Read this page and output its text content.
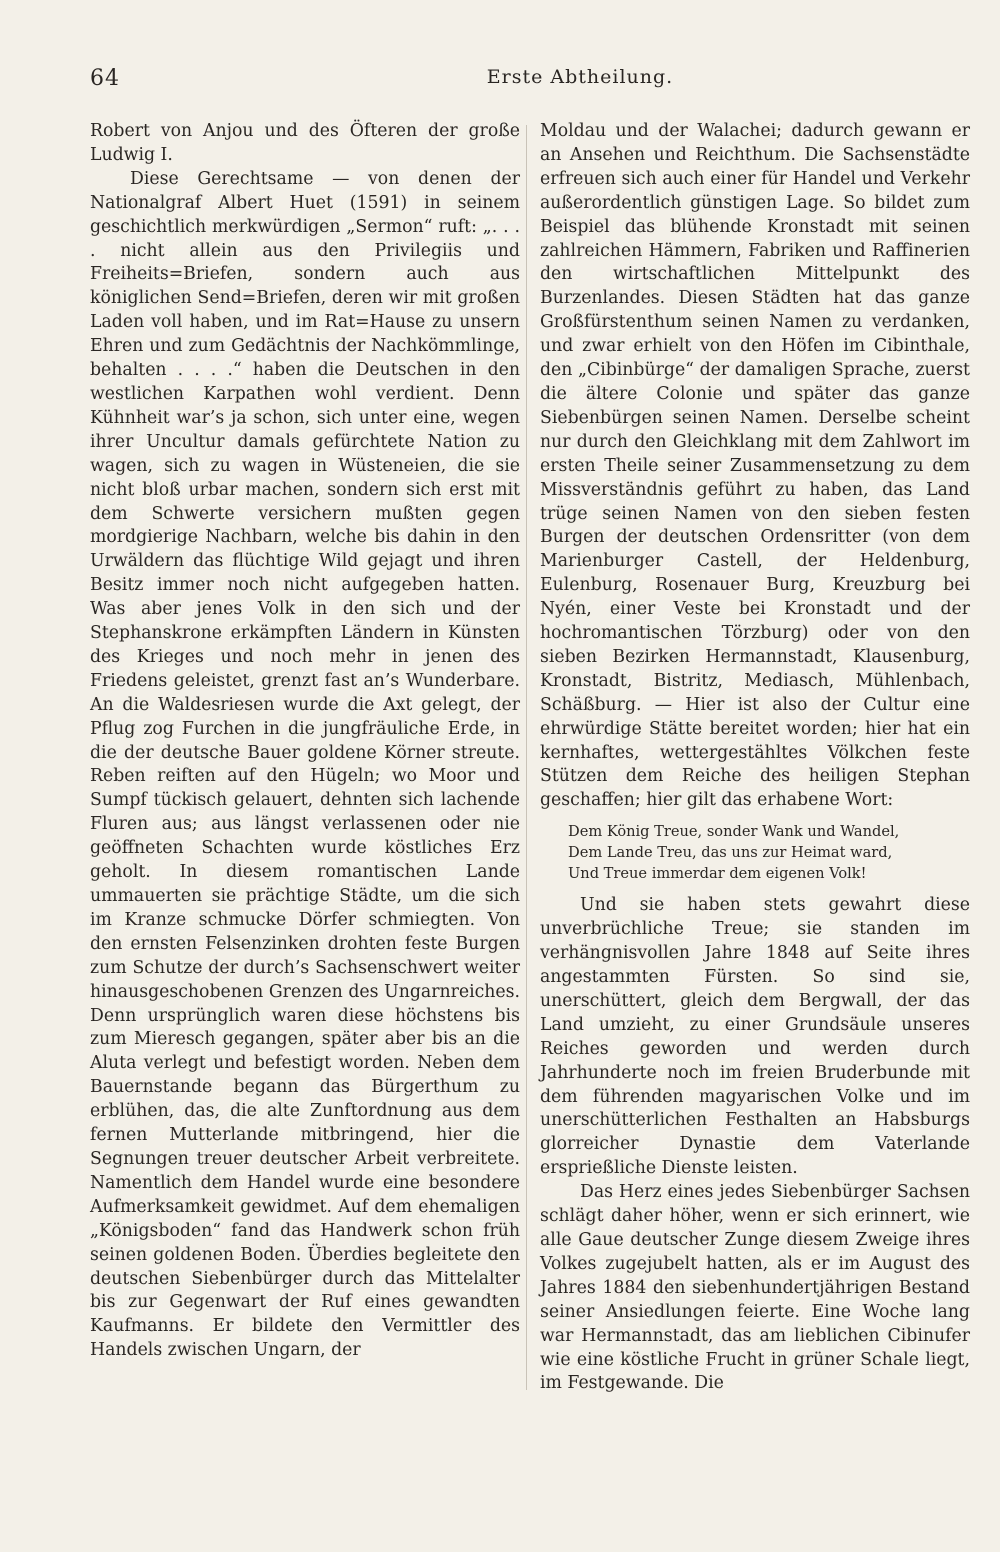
64	Erste Abtheilung.

Robert von Anjou und des Öfteren der große Ludwig I.

Diese Gerechtsame — von denen der Nationalgraf Albert Huet (1591) in seinem geschichtlich merkwürdigen „Sermon“ ruft: „. . . . nicht allein aus den Privilegiis und Freiheits=Briefen, sondern auch aus königlichen Send=Briefen, deren wir mit großen Laden voll haben, und im Rat=Hause zu unsern Ehren und zum Gedächtnis der Nachkömmlinge, behalten . . . .“ haben die Deutschen in den westlichen Karpathen wohl verdient. Denn Kühnheit war’s ja schon, sich unter eine, wegen ihrer Uncultur damals gefürchtete Nation zu wagen, sich zu wagen in Wüsteneien, die sie nicht bloß urbar machen, sondern sich erst mit dem Schwerte versichern mußten gegen mordgierige Nachbarn, welche bis dahin in den Urwäldern das flüchtige Wild gejagt und ihren Besitz immer noch nicht aufgegeben hatten. Was aber jenes Volk in den sich und der Stephanskrone erkämpften Ländern in Künsten des Krieges und noch mehr in jenen des Friedens geleistet, grenzt fast an’s Wunderbare. An die Waldesriesen wurde die Axt gelegt, der Pflug zog Furchen in die jungfräuliche Erde, in die der deutsche Bauer goldene Körner streute. Reben reiften auf den Hügeln; wo Moor und Sumpf tückisch gelauert, dehnten sich lachende Fluren aus; aus längst verlassenen oder nie geöffneten Schachten wurde köstliches Erz geholt. In diesem romantischen Lande ummauerten sie prächtige Städte, um die sich im Kranze schmucke Dörfer schmiegten. Von den ernsten Felsenzinken drohten feste Burgen zum Schutze der durch’s Sachsenschwert weiter hinausgeschobenen Grenzen des Ungarnreiches. Denn ursprünglich waren diese höchstens bis zum Mieresch gegangen, später aber bis an die Aluta verlegt und befestigt worden. Neben dem Bauernstande begann das Bürgerthum zu erblühen, das, die alte Zunftordnung aus dem fernen Mutterlande mitbringend, hier die Segnungen treuer deutscher Arbeit verbreitete. Namentlich dem Handel wurde eine besondere Aufmerksamkeit gewidmet. Auf dem ehemaligen „Königsboden“ fand das Handwerk schon früh seinen goldenen Boden. Überdies begleitete den deutschen Siebenbürger durch das Mittelalter bis zur Gegenwart der Ruf eines gewandten Kaufmanns. Er bildete den Vermittler des Handels zwischen Ungarn, der

Moldau und der Walachei; dadurch gewann er an Ansehen und Reichthum. Die Sachsenstädte erfreuen sich auch einer für Handel und Verkehr außerordentlich günstigen Lage. So bildet zum Beispiel das blühende Kronstadt mit seinen zahlreichen Hämmern, Fabriken und Raffinerien den wirtschaftlichen Mittelpunkt des Burzenlandes. Diesen Städten hat das ganze Großfürstenthum seinen Namen zu verdanken, und zwar erhielt von den Höfen im Cibinthale, den „Cibinbürge“ der damaligen Sprache, zuerst die ältere Colonie und später das ganze Siebenbürgen seinen Namen. Derselbe scheint nur durch den Gleichklang mit dem Zahlwort im ersten Theile seiner Zusammensetzung zu dem Missverständnis geführt zu haben, das Land trüge seinen Namen von den sieben festen Burgen der deutschen Ordensritter (von dem Marienburger Castell, der Heldenburg, Eulenburg, Rosenauer Burg, Kreuzburg bei Nyén, einer Veste bei Kronstadt und der hochromantischen Törzburg) oder von den sieben Bezirken Hermannstadt, Klausenburg, Kronstadt, Bistritz, Mediasch, Mühlenbach, Schäßburg. — Hier ist also der Cultur eine ehrwürdige Stätte bereitet worden; hier hat ein kernhaftes, wettergestähltes Völkchen feste Stützen dem Reiche des heiligen Stephan geschaffen; hier gilt das erhabene Wort:

Dem König Treue, sonder Wank und Wandel,
Dem Lande Treu, das uns zur Heimat ward,
Und Treue immerdar dem eigenen Volk!

Und sie haben stets gewahrt diese unverbrüchliche Treue; sie standen im verhängnisvollen Jahre 1848 auf Seite ihres angestammten Fürsten. So sind sie, unerschüttert, gleich dem Bergwall, der das Land umzieht, zu einer Grundsäule unseres Reiches geworden und werden durch Jahrhunderte noch im freien Bruderbunde mit dem führenden magyarischen Volke und im unerschütterlichen Festhalten an Habsburgs glorreicher Dynastie dem Vaterlande ersprießliche Dienste leisten.

Das Herz eines jedes Siebenbürger Sachsen schlägt daher höher, wenn er sich erinnert, wie alle Gaue deutscher Zunge diesem Zweige ihres Volkes zugejubelt hatten, als er im August des Jahres 1884 den siebenhundertjährigen Bestand seiner Ansiedlungen feierte. Eine Woche lang war Hermannstadt, das am lieblichen Cibinufer wie eine köstliche Frucht in grüner Schale liegt, im Festgewande. Die
